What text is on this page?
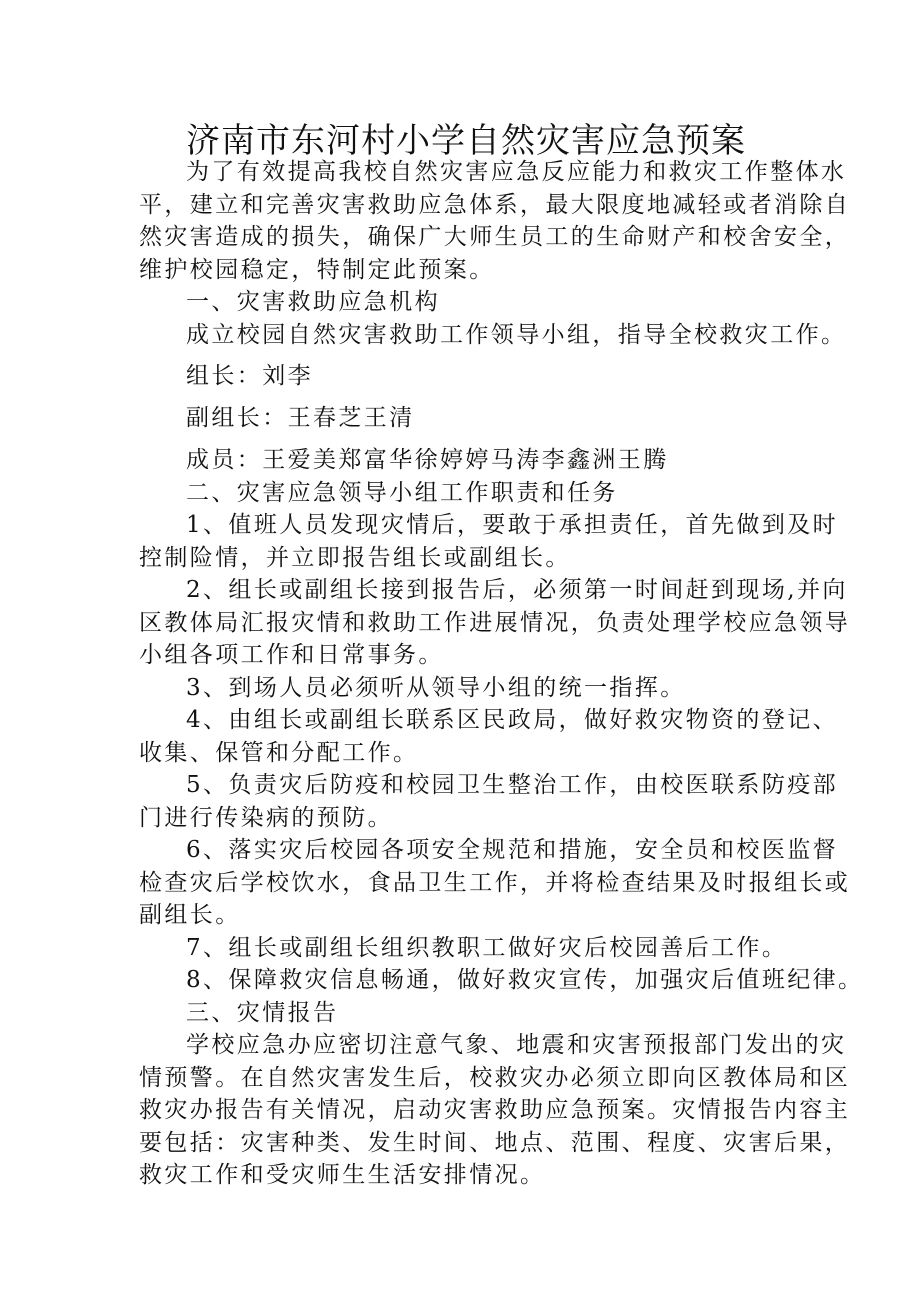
济南市东河村小学自然灾害应急预案
为了有效提高我校自然灾害应急反应能力和救灾工作整体水
平，建立和完善灾害救助应急体系，最大限度地减轻或者消除自
然灾害造成的损失，确保广大师生员工的生命财产和校舍安全，
维护校园稳定，特制定此预案。
一、灾害救助应急机构
成立校园自然灾害救助工作领导小组，指导全校救灾工作。
组长：刘李
副组长：王春芝王清
成员：王爱美郑富华徐婷婷马涛李鑫洲王腾
二、灾害应急领导小组工作职责和任务
1、值班人员发现灾情后，要敢于承担责任，首先做到及时
控制险情，并立即报告组长或副组长。
2、组长或副组长接到报告后，必须第一时间赶到现场,并向
区教体局汇报灾情和救助工作进展情况，负责处理学校应急领导
小组各项工作和日常事务。
3、到场人员必须听从领导小组的统一指挥。
4、由组长或副组长联系区民政局，做好救灾物资的登记、
收集、保管和分配工作。
5、负责灾后防疫和校园卫生整治工作，由校医联系防疫部
门进行传染病的预防。
6、落实灾后校园各项安全规范和措施，安全员和校医监督
检查灾后学校饮水，食品卫生工作，并将检查结果及时报组长或
副组长。
7、组长或副组长组织教职工做好灾后校园善后工作。
8、保障救灾信息畅通，做好救灾宣传，加强灾后值班纪律。
三、灾情报告
学校应急办应密切注意气象、地震和灾害预报部门发出的灾
情预警。在自然灾害发生后，校救灾办必须立即向区教体局和区
救灾办报告有关情况，启动灾害救助应急预案。灾情报告内容主
要包括：灾害种类、发生时间、地点、范围、程度、灾害后果，
救灾工作和受灾师生生活安排情况。
